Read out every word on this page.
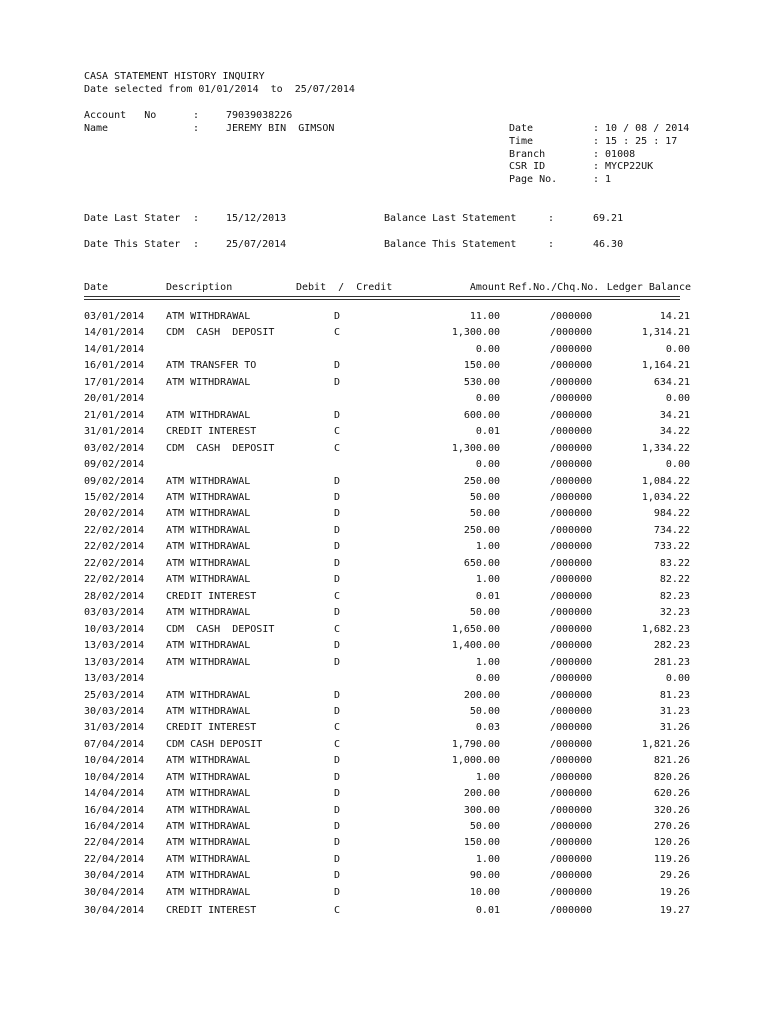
CASA STATEMENT HISTORY INQUIRY
Date selected from 01/01/2014  to  25/07/2014
Account   No	:	79039038226
Name	:	JEREMY BIN  GIMSON	Date	: 10 / 08 / 2014
Time	: 15 : 25 : 17
Branch	: 01008
CSR ID	: MYCP22UK
Page No.	: 1
Date Last Stater :	15/12/2013	Balance Last Statement	:	69.21
Date This Stater :	25/07/2014	Balance This Statement	:	46.30
Date	Description	Debit  /  Credit	Amount Ref.No./Chq.No. Ledger Balance
03/01/2014 ATM WITHDRAWAL	D	11.00	/000000	14.21
14/01/2014 CDM  CASH  DEPOSIT	C	1,300.00	/000000	1,314.21
14/01/2014	0.00	/000000	0.00
16/01/2014 ATM TRANSFER TO	D	150.00	/000000	1,164.21
17/01/2014 ATM WITHDRAWAL	D	530.00	/000000	634.21
20/01/2014	0.00	/000000	0.00
21/01/2014 ATM WITHDRAWAL	D	600.00	/000000	34.21
31/01/2014 CREDIT INTEREST	C	0.01	/000000	34.22
03/02/2014 CDM  CASH  DEPOSIT	C	1,300.00	/000000	1,334.22
09/02/2014	0.00	/000000	0.00
09/02/2014 ATM WITHDRAWAL	D	250.00	/000000	1,084.22
15/02/2014 ATM WITHDRAWAL	D	50.00	/000000	1,034.22
20/02/2014 ATM WITHDRAWAL	D	50.00	/000000	984.22
22/02/2014 ATM WITHDRAWAL	D	250.00	/000000	734.22
22/02/2014 ATM WITHDRAWAL	D	1.00	/000000	733.22
22/02/2014 ATM WITHDRAWAL	D	650.00	/000000	83.22
22/02/2014 ATM WITHDRAWAL	D	1.00	/000000	82.22
28/02/2014 CREDIT INTEREST	C	0.01	/000000	82.23
03/03/2014 ATM WITHDRAWAL	D	50.00	/000000	32.23
10/03/2014 CDM  CASH  DEPOSIT	C	1,650.00	/000000	1,682.23
13/03/2014 ATM WITHDRAWAL	D	1,400.00	/000000	282.23
13/03/2014 ATM WITHDRAWAL	D	1.00	/000000	281.23
13/03/2014	0.00	/000000	0.00
25/03/2014 ATM WITHDRAWAL	D	200.00	/000000	81.23
30/03/2014 ATM WITHDRAWAL	D	50.00	/000000	31.23
31/03/2014 CREDIT INTEREST	C	0.03	/000000	31.26
07/04/2014 CDM CASH DEPOSIT	C	1,790.00	/000000	1,821.26
10/04/2014 ATM WITHDRAWAL	D	1,000.00	/000000	821.26
10/04/2014 ATM WITHDRAWAL	D	1.00	/000000	820.26
14/04/2014 ATM WITHDRAWAL	D	200.00	/000000	620.26
16/04/2014 ATM WITHDRAWAL	D	300.00	/000000	320.26
16/04/2014 ATM WITHDRAWAL	D	50.00	/000000	270.26
22/04/2014 ATM WITHDRAWAL	D	150.00	/000000	120.26
22/04/2014 ATM WITHDRAWAL	D	1.00	/000000	119.26
30/04/2014 ATM WITHDRAWAL	D	90.00	/000000	29.26
30/04/2014 ATM WITHDRAWAL	D	10.00	/000000	19.26
30/04/2014 CREDIT INTEREST	C	0.01	/000000	19.27
